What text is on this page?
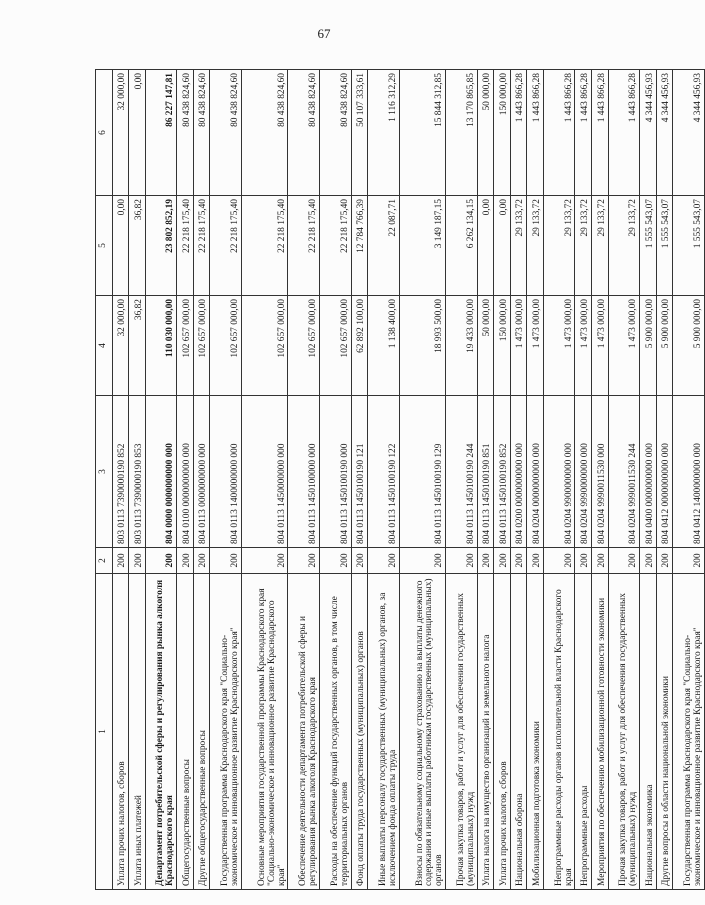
67
1	2	3	4	5	6
Уплата прочих налогов, сборов	200	803 0113 7390000190 852	32 000,00	0,00	32 000,00
Уплата иных платежей	200	803 0113 7390000190 853	36,82	36,82	0,00
Департамент потребительской сферы и регулирования рынка алкоголя Краснодарского края	200	804 0000 0000000000 000	110 030 000,00	23 802 852,19	86 227 147,81
Общегосударственные вопросы	200	804 0100 0000000000 000	102 657 000,00	22 218 175,40	80 438 824,60
Другие общегосударственные вопросы	200	804 0113 0000000000 000	102 657 000,00	22 218 175,40	80 438 824,60
Государственная программа Краснодарского края "Социально-экономическое и инновационное развитие Краснодарского края"	200	804 0113 1400000000 000	102 657 000,00	22 218 175,40	80 438 824,60
Основные мероприятия государственной программы Краснодарского края "Социально-экономическое и инновационное развитие Краснодарского края"	200	804 0113 1450000000 000	102 657 000,00	22 218 175,40	80 438 824,60
Обеспечение деятельности департамента потребительской сферы и регулирования рынка алкоголя Краснодарского края	200	804 0113 1450100000 000	102 657 000,00	22 218 175,40	80 438 824,60
Расходы на обеспечение функций государственных органов, в том числе территориальных органов	200	804 0113 1450100190 000	102 657 000,00	22 218 175,40	80 438 824,60
Фонд оплаты труда государственных (муниципальных) органов	200	804 0113 1450100190 121	62 892 100,00	12 784 766,39	50 107 333,61
Иные выплаты персоналу государственных (муниципальных) органов, за исключением фонда оплаты труда	200	804 0113 1450100190 122	1 138 400,00	22 087,71	1 116 312,29
Взносы по обязательному социальному страхованию на выплаты денежного содержания и иные выплаты работникам государственных (муниципальных) органов	200	804 0113 1450100190 129	18 993 500,00	3 149 187,15	15 844 312,85
Прочая закупка товаров, работ и услуг для обеспечения государственных (муниципальных) нужд	200	804 0113 1450100190 244	19 433 000,00	6 262 134,15	13 170 865,85
Уплата налога на имущество организаций и земельного налога	200	804 0113 1450100190 851	50 000,00	0,00	50 000,00
Уплата прочих налогов, сборов	200	804 0113 1450100190 852	150 000,00	0,00	150 000,00
Национальная оборона	200	804 0200 0000000000 000	1 473 000,00	29 133,72	1 443 866,28
Мобилизационная подготовка экономики	200	804 0204 0000000000 000	1 473 000,00	29 133,72	1 443 866,28
Непрограммные расходы органов исполнительной власти Краснодарского края	200	804 0204 9900000000 000	1 473 000,00	29 133,72	1 443 866,28
Непрограммные расходы	200	804 0204 9990000000 000	1 473 000,00	29 133,72	1 443 866,28
Мероприятия по обеспечению мобилизационной готовности экономики	200	804 0204 9990011530 000	1 473 000,00	29 133,72	1 443 866,28
Прочая закупка товаров, работ и услуг для обеспечения государственных (муниципальных) нужд	200	804 0204 9990011530 244	1 473 000,00	29 133,72	1 443 866,28
Национальная экономика	200	804 0400 0000000000 000	5 900 000,00	1 555 543,07	4 344 456,93
Другие вопросы в области национальной экономики	200	804 0412 0000000000 000	5 900 000,00	1 555 543,07	4 344 456,93
Государственная программа Краснодарского края "Социально-экономическое и инновационное развитие Краснодарского края"	200	804 0412 1400000000 000	5 900 000,00	1 555 543,07	4 344 456,93
